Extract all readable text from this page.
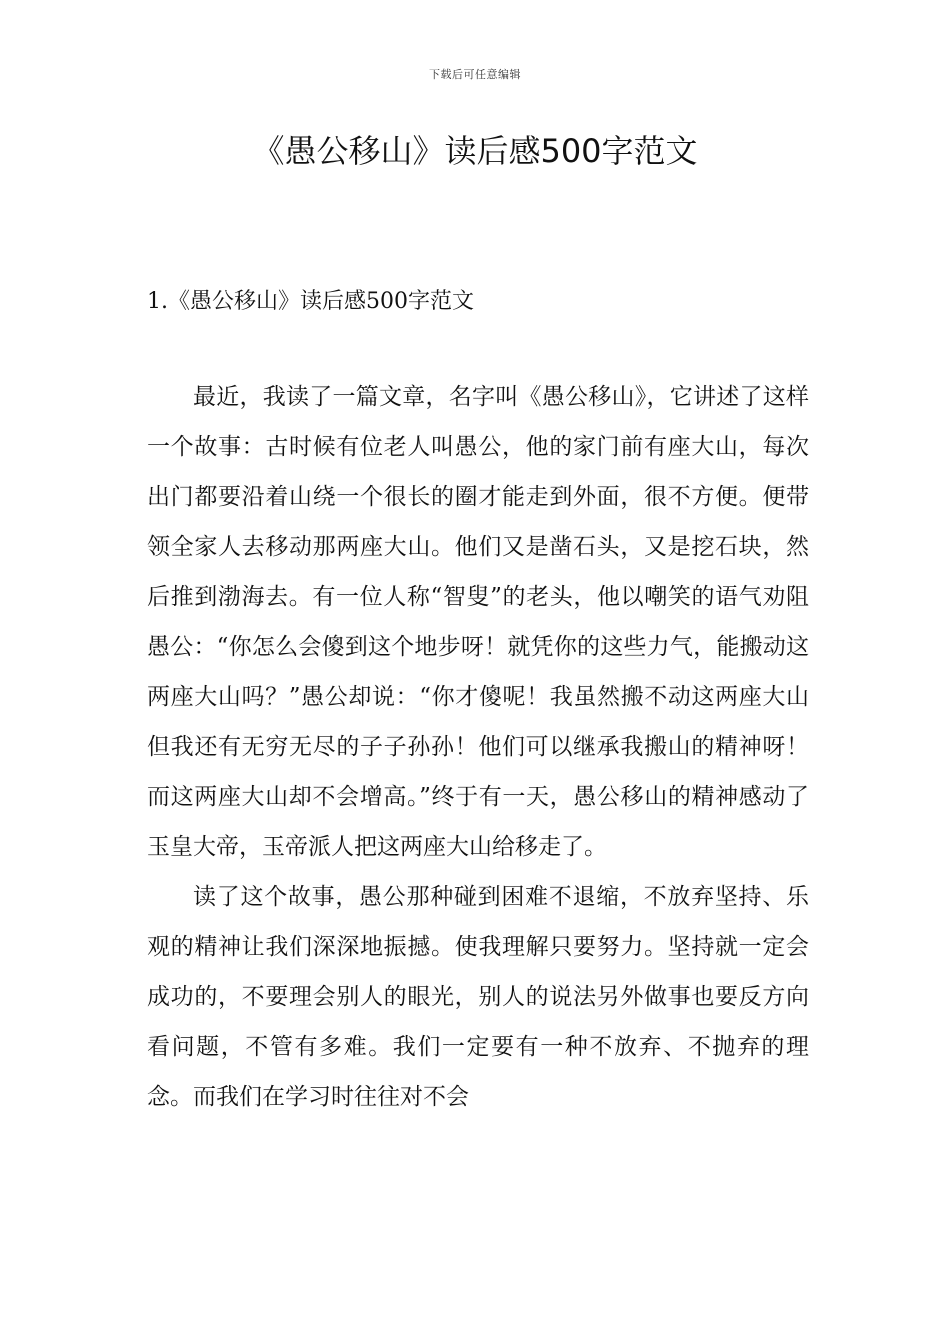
下载后可任意编辑
《愚公移山》读后感500字范文
1.《愚公移山》读后感500字范文

最近，我读了一篇文章，名字叫《愚公移山》，它讲述了这样一个故事：古时候有位老人叫愚公，他的家门前有座大山，每次出门都要沿着山绕一个很长的圈才能走到外面，很不方便。便带领全家人去移动那两座大山。他们又是凿石头，又是挖石块，然后推到渤海去。有一位人称“智叟”的老头，他以嘲笑的语气劝阻愚公：“你怎么会傻到这个地步呀！就凭你的这些力气，能搬动这两座大山吗？”愚公却说：“你才傻呢！我虽然搬不动这两座大山但我还有无穷无尽的子子孙孙！他们可以继承我搬山的精神呀！而这两座大山却不会增高。”终于有一天，愚公移山的精神感动了玉皇大帝，玉帝派人把这两座大山给移走了。

读了这个故事，愚公那种碰到困难不退缩，不放弃坚持、乐观的精神让我们深深地振撼。使我理解只要努力。坚持就一定会成功的，不要理会别人的眼光，别人的说法另外做事也要反方向看问题，不管有多难。我们一定要有一种不放弃、不抛弃的理念。而我们在学习时往往对不会
